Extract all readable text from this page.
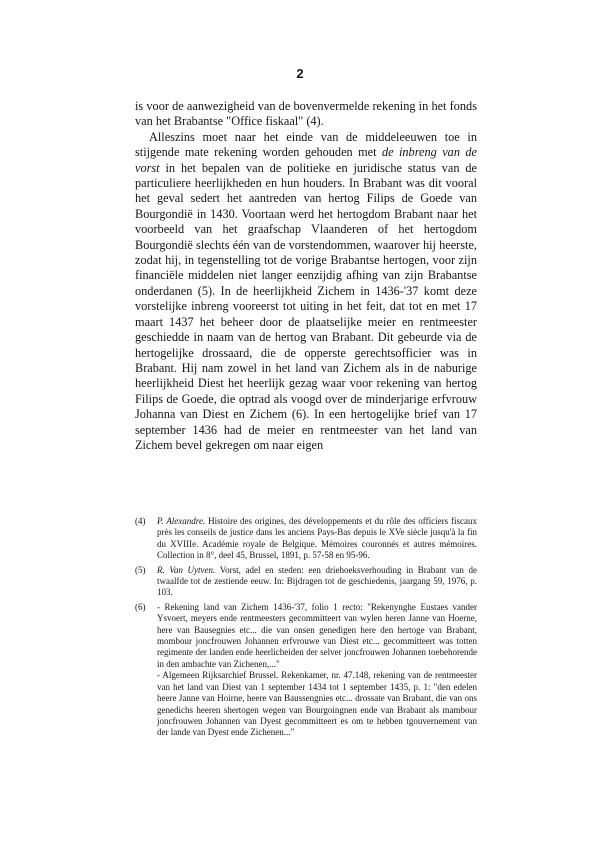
2

is voor de aanwezigheid van de bovenvermelde rekening in het fonds van het Brabantse "Office fiskaal" (4).

Alleszins moet naar het einde van de middeleeuwen toe in stijgende mate rekening worden gehouden met de inbreng van de vorst in het bepalen van de politieke en juridische status van de particuliere heerlijkheden en hun houders. In Brabant was dit vooral het geval sedert het aantreden van hertog Filips de Goede van Bourgondië in 1430. Voortaan werd het hertogdom Brabant naar het voorbeeld van het graafschap Vlaanderen of het hertogdom Bourgondië slechts één van de vorstendommen, waarover hij heerste, zodat hij, in tegenstelling tot de vorige Brabantse hertogen, voor zijn financiële middelen niet langer eenzijdig afhing van zijn Brabantse onderdanen (5). In de heerlijkheid Zichem in 1436-'37 komt deze vorstelijke inbreng vooreerst tot uiting in het feit, dat tot en met 17 maart 1437 het beheer door de plaatselijke meier en rentmeester geschiedde in naam van de hertog van Brabant. Dit gebeurde via de hertogelijke drossaard, die de opperste gerechtsofficier was in Brabant. Hij nam zowel in het land van Zichem als in de naburige heerlijkheid Diest het heerlijk gezag waar voor rekening van hertog Filips de Goede, die optrad als voogd over de minderjarige erfvrouw Johanna van Diest en Zichem (6). In een hertogelijke brief van 17 september 1436 had de meier en rentmeester van het land van Zichem bevel gekregen om naar eigen

(4)	P. Alexandre. Histoire des origines, des développements et du rôle des officiers fiscaux près les conseils de justice dans les anciens Pays-Bas depuis le XVe siècle jusqu'à la fin du XVIIIe. Académie royale de Belgique. Mémoires couronnés et autres mémoires. Collection in 8°, deel 45, Brussel, 1891, p. 57-58 en 95-96.
(5)	R. Van Uytven. Vorst, adel en steden: een driehoeksverhouding in Brabant van de twaalfde tot de zestiende eeuw. In: Bijdragen tot de geschiedenis, jaargang 59, 1976, p. 103.
(6)	- Rekening land van Zichem 1436-'37, folio 1 recto: "Rekenynghe Eustaes vander Ysvoert, meyers ende rentmeesters gecommitteert van wylen heren Janne van Hoerne, here van Bausegnies etc... die van onsen genedigen here den hertoge van Brabant, mombour joncfrouwen Johannen erfvrouwe van Diest etc... gecommitteert was totten regimente der landen ende heerlicheiden der selver joncfrouwen Johannen toebehorende in den ambachte van Zichenen,..."

- Algemeen Rijksarchief Brussel. Rekenkamer, nr. 47.148, rekening van de rentmeester van het land van Diest van 1 september 1434 tot 1 september 1435, p. 1: "den edelen heere Janne van Hoirne, heere van Baussengnies etc... drossate van Brabant, die van ons genedichs heeren shertogen wegen van Bourgoingnen ende van Brabant als mambour joncfrouwen Johannen van Dyest gecommitteert es om te hebben tgouvernement van der lande van Dyest ende Zichenen..."
